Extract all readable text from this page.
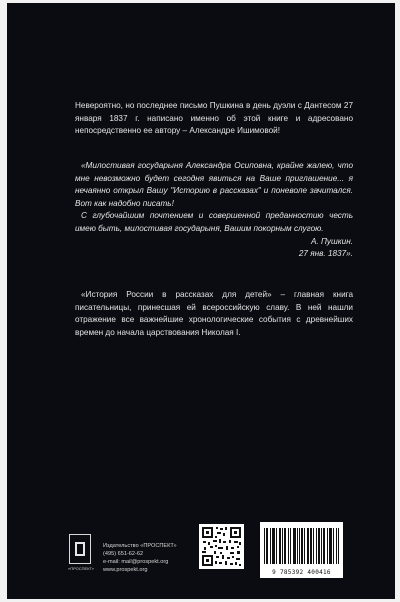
Невероятно, но последнее письмо Пушкина в день дуэли с Дантесом 27 января 1837 г. написано именно об этой книге и адресовано непосредственно ее автору – Александре Ишимовой!

«Милостивая государыня Александра Осиповна, крайне жалею, что мне невозможно будет сегодня явиться на Ваше приглашение... я нечаянно открыл Вашу "Историю в рассказах" и поневоле зачитался. Вот как надобно писать!

С глубочайшим почтением и совершенной преданностию честь имею быть, милостивая государыня, Вашим покорным слугою.

А. Пушкин.

27 янв. 1837».

«История России в рассказах для детей» – главная книга писательницы, принесшая ей всероссийскую славу. В ней нашли отражение все важнейшие хронологические события с древнейших времен до начала царствования Николая I.

«ПРОСПЕКТ»
Издательство «ПРОСПЕКТ»
(495) 651-62-62
e-mail: mail@prospekt.org
www.prospekt.org	9 785392 400416
